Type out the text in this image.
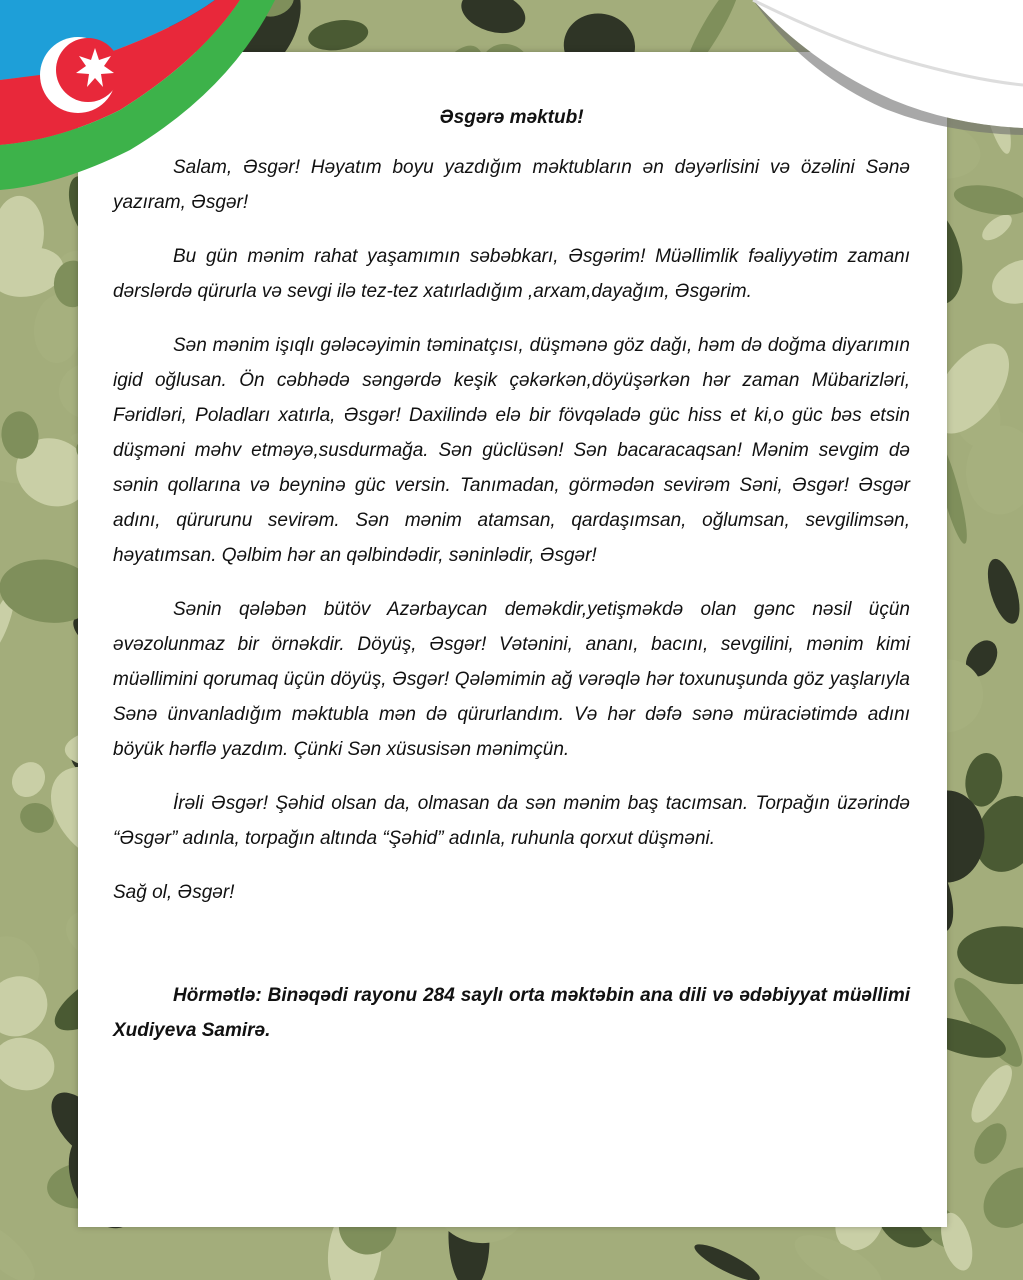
Əsgərə məktub!

Salam, Əsgər! Həyatım boyu yazdığım məktubların ən dəyərlisini və özəlini Sənə yazıram, Əsgər!

Bu gün mənim rahat yaşamımın səbəbkarı, Əsgərim! Müəllimlik fəaliyyətim zamanı dərslərdə qürurla və sevgi ilə tez-tez xatırladığım ,arxam,dayağım, Əsgərim.

Sən mənim işıqlı gələcəyimin təminatçısı, düşmənə göz dağı, həm də doğma diyarımın igid oğlusan. Ön cəbhədə səngərdə keşik çəkərkən,döyüşərkən hər zaman Mübarizləri, Fəridləri, Poladları xatırla, Əsgər! Daxilində elə bir fövqəladə güc hiss et ki,o güc bəs etsin düşməni məhv etməyə,susdurmağa. Sən güclüsən! Sən bacaracaqsan! Mənim sevgim də sənin qollarına və beyninə güc versin. Tanımadan, görmədən sevirəm Səni, Əsgər! Əsgər adını, qürurunu sevirəm. Sən mənim atamsan, qardaşımsan, oğlumsan, sevgilimsən, həyatımsan. Qəlbim hər an qəlbindədir, səninlədir, Əsgər!

Sənin qələbən bütöv Azərbaycan deməkdir,yetişməkdə olan gənc nəsil üçün əvəzolunmaz bir örnəkdir. Döyüş, Əsgər! Vətənini, ananı, bacını, sevgilini, mənim kimi müəllimini qorumaq üçün döyüş, Əsgər! Qələmimin ağ vərəqlə hər toxunuşunda göz yaşlarıyla Sənə ünvanladığım məktubla mən də qürurlandım. Və hər dəfə sənə müraciətimdə adını böyük hərflə yazdım. Çünki Sən xüsusisən mənimçün.

İrəli Əsgər! Şəhid olsan da, olmasan da sən mənim baş tacımsan. Torpağın üzərində “Əsgər” adınla, torpağın altında “Şəhid” adınla, ruhunla qorxut düşməni.

Sağ ol, Əsgər!

Hörmətlə: Binəqədi rayonu 284 saylı orta məktəbin ana dili və ədəbiyyat müəllimi Xudiyeva Samirə.
